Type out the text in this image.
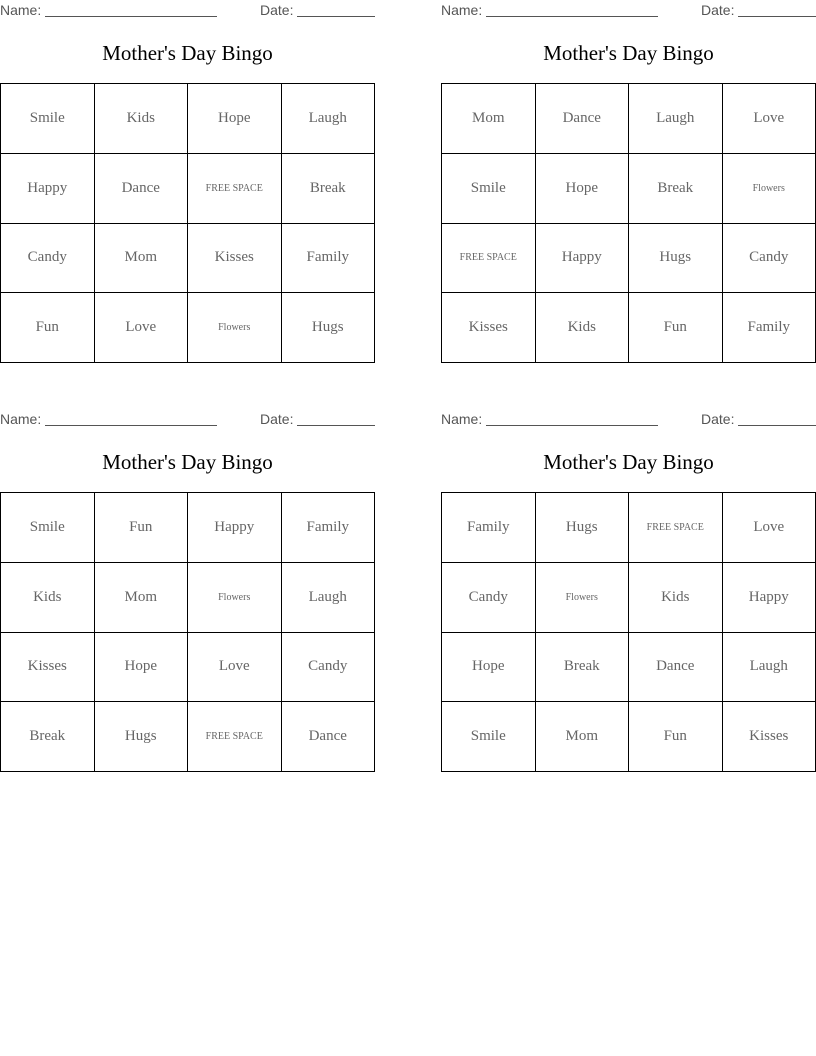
Name:	Date:
Mother's Day Bingo
Smile	Kids	Hope	Laugh
Happy	Dance	FREE SPACE	Break
Candy	Mom	Kisses	Family
Fun	Love	Flowers	Hugs
Name:	Date:
Mother's Day Bingo
Mom	Dance	Laugh	Love
Smile	Hope	Break	Flowers
FREE SPACE	Happy	Hugs	Candy
Kisses	Kids	Fun	Family
Name:	Date:
Mother's Day Bingo
Smile	Fun	Happy	Family
Kids	Mom	Flowers	Laugh
Kisses	Hope	Love	Candy
Break	Hugs	FREE SPACE	Dance
Name:	Date:
Mother's Day Bingo
Family	Hugs	FREE SPACE	Love
Candy	Flowers	Kids	Happy
Hope	Break	Dance	Laugh
Smile	Mom	Fun	Kisses
